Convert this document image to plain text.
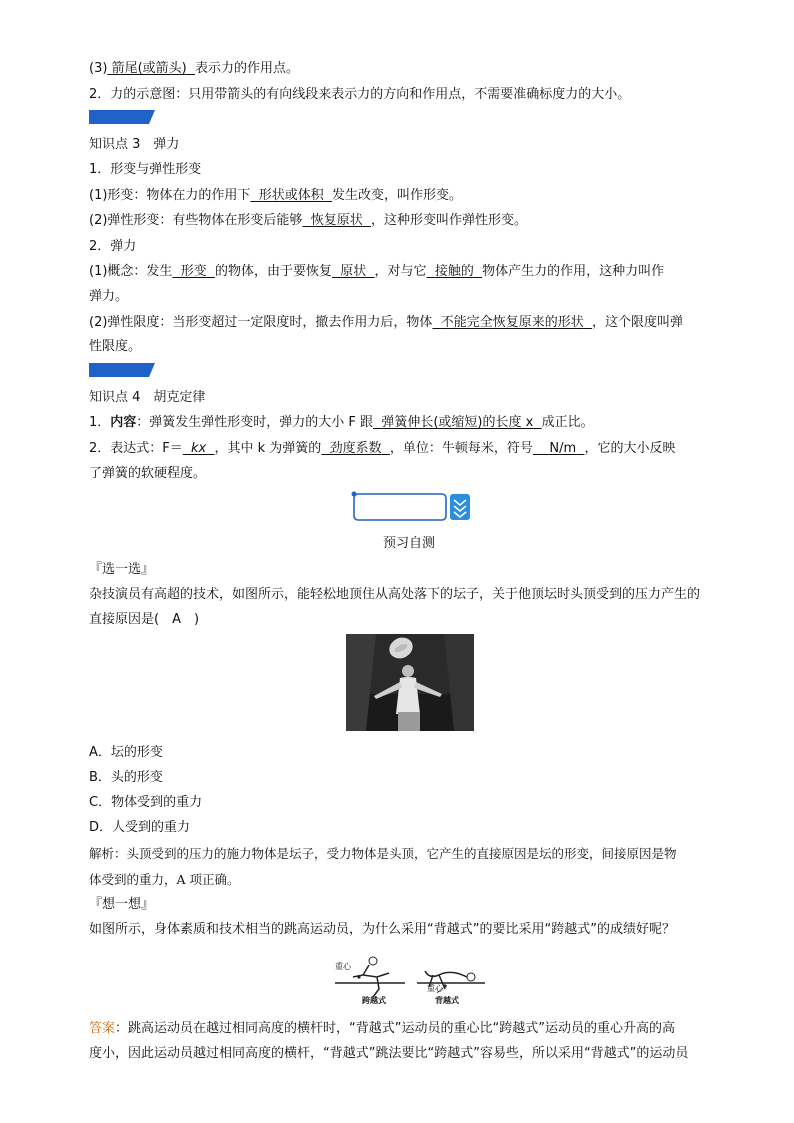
(3) 箭尾(或箭头) 表示力的作用点。
2．力的示意图：只用带箭头的有向线段来表示力的方向和作用点，不需要准确标度力的大小。
知识点 3　弹力
1．形变与弹性形变
(1)形变：物体在力的作用下 形状或体积 发生改变，叫作形变。
(2)弹性形变：有些物体在形变后能够 恢复原状 ，这种形变叫作弹性形变。
2．弹力
(1)概念：发生 形变 的物体，由于要恢复 原状 ，对与它 接触的 物体产生力的作用，这种力叫作
弹力。
(2)弹性限度：当形变超过一定限度时，撤去作用力后，物体 不能完全恢复原来的形状 ，这个限度叫弹
性限度。
知识点 4　胡克定律
1．内容：弹簧发生弹性形变时，弹力的大小 F 跟 弹簧伸长(或缩短)的长度 x 成正比。
2．表达式：F＝ kx ，其中 k 为弹簧的 劲度系数 ，单位：牛顿每米，符号 N/m ，它的大小反映
了弹簧的软硬程度。
预习自测
『选一选』
杂技演员有高超的技术，如图所示，能轻松地顶住从高处落下的坛子，关于他顶坛时头顶受到的压力产生的
直接原因是(　A　)
A．坛的形变
B．头的形变
C．物体受到的重力
D．人受到的重力
解析：头顶受到的压力的施力物体是坛子，受力物体是头顶，它产生的直接原因是坛的形变，间接原因是物
体受到的重力，A 项正确。
『想一想』
如图所示，身体素质和技术相当的跳高运动员，为什么采用“背越式”的要比采用“跨越式”的成绩好呢？
重心
重心
跨越式	背越式
答案：跳高运动员在越过相同高度的横杆时，“背越式”运动员的重心比“跨越式”运动员的重心升高的高
度小，因此运动员越过相同高度的横杆，“背越式”跳法要比“跨越式”容易些，所以采用“背越式”的运动员
